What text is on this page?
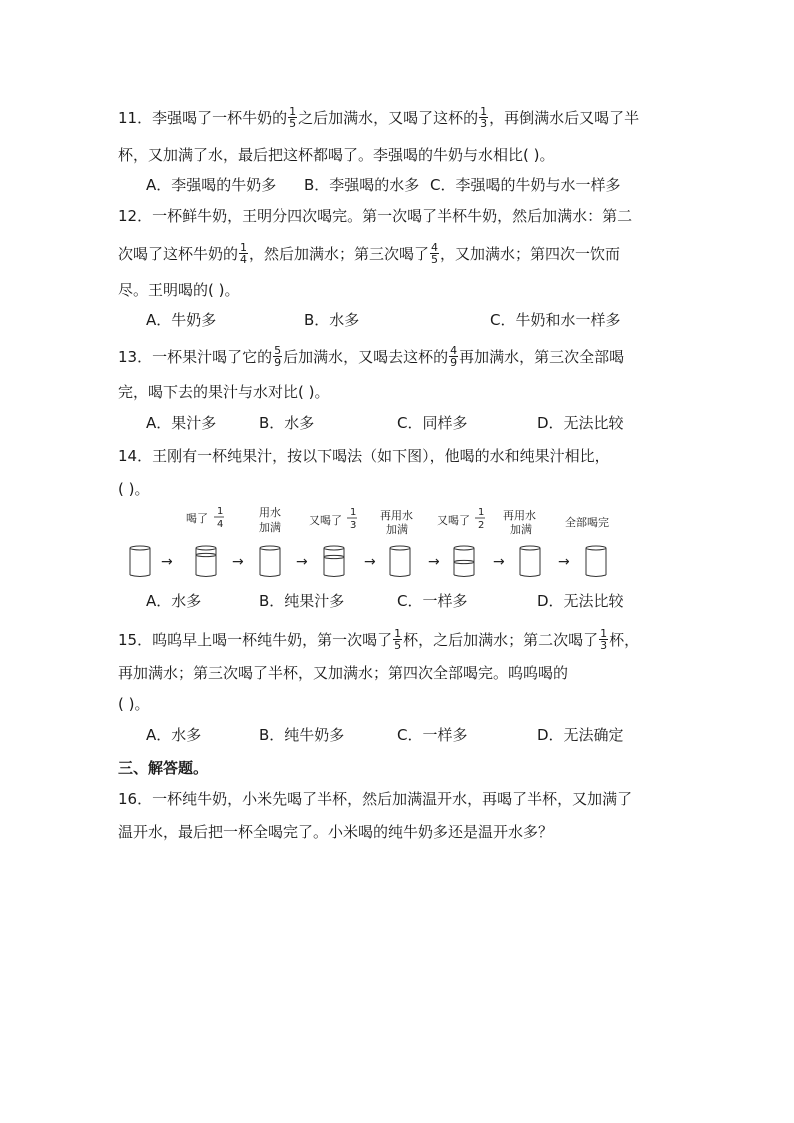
11．李强喝了一杯牛奶的 $\frac{1}{5}$ 之后加满水，又喝了这杯的 $\frac{1}{3}$ ，再倒满水后又喝了半
杯，又加满了水，最后把这杯都喝了。李强喝的牛奶与水相比( )。
A．李强喝的牛奶多 B．李强喝的水多 C．李强喝的牛奶与水一样多
12．一杯鲜牛奶，王明分四次喝完。第一次喝了半杯牛奶，然后加满水：第二
次喝了这杯牛奶的 $\frac{1}{4}$ ，然后加满水；第三次喝了 $\frac{4}{5}$ ，又加满水；第四次一饮而
尽。王明喝的( )。
A．牛奶多	B．水多	C．牛奶和水一样多
13．一杯果汁喝了它的 $\frac{5}{9}$ 后加满水，又喝去这杯的 $\frac{4}{9}$ 再加满水，第三次全部喝
完，喝下去的果汁与水对比( )。
A．果汁多	B．水多	C．同样多	D．无法比较
14．王刚有一杯纯果汁，按以下喝法（如下图），他喝的水和纯果汁相比，
( )。
喝了
1
4
用水
加满
又喝了
1
3
再用水
加满
又喝了
1
2
再用水
加满
全部喝完
→	→	→	→	→	→	→
A．水多	B．纯果汁多	C．一样多	D．无法比较
15．呜呜早上喝一杯纯牛奶，第一次喝了 $\frac{1}{5}$ 杯，之后加满水；第二次喝了 $\frac{1}{3}$ 杯，
再加满水；第三次喝了半杯，又加满水；第四次全部喝完。呜呜喝的
( )。
A．水多	B．纯牛奶多	C．一样多	D．无法确定
三、解答题。
16．一杯纯牛奶，小米先喝了半杯，然后加满温开水，再喝了半杯，又加满了
温开水，最后把一杯全喝完了。小米喝的纯牛奶多还是温开水多？
